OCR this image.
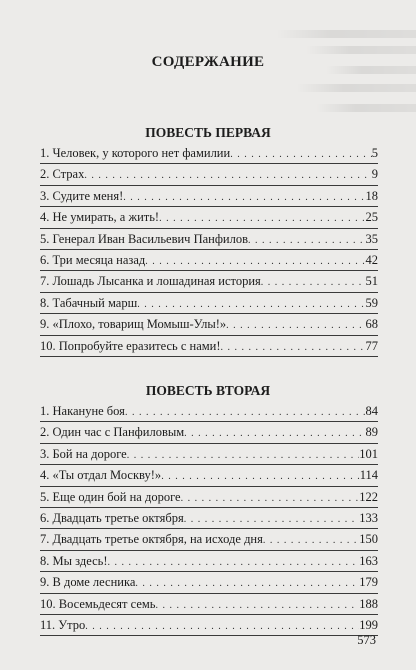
СОДЕРЖАНИЕ
ПОВЕСТЬ ПЕРВАЯ
1. Человек, у которого нет фамилии . . .	5
2. Страх . . .	9
3. Судите меня! . . .	18
4. Не умирать, а жить! . . .	25
5. Генерал Иван Васильевич Панфилов . . .	35
6. Три месяца назад . . .	42
7. Лошадь Лысанка и лошадиная история . . .	51
8. Табачный марш . . .	59
9. «Плохо, товарищ Момыш-Улы!» . . .	68
10. Попробуйте еразитесь с нами! . . .	77
ПОВЕСТЬ ВТОРАЯ
1. Накануне боя . . .	84
2. Один час с Панфиловым . . .	89
3. Бой на дороге . . .	101
4. «Ты отдал Москву!» . . .	114
5. Еще один бой на дороге . . .	122
6. Двадцать третье октября . . .	133
7. Двадцать третье октября, на исходе дня . . .	150
8. Мы здесь! . . .	163
9. В доме лесника . . .	179
10. Восемьдесят семь . . .	188
11. Утро . . .	199
573
